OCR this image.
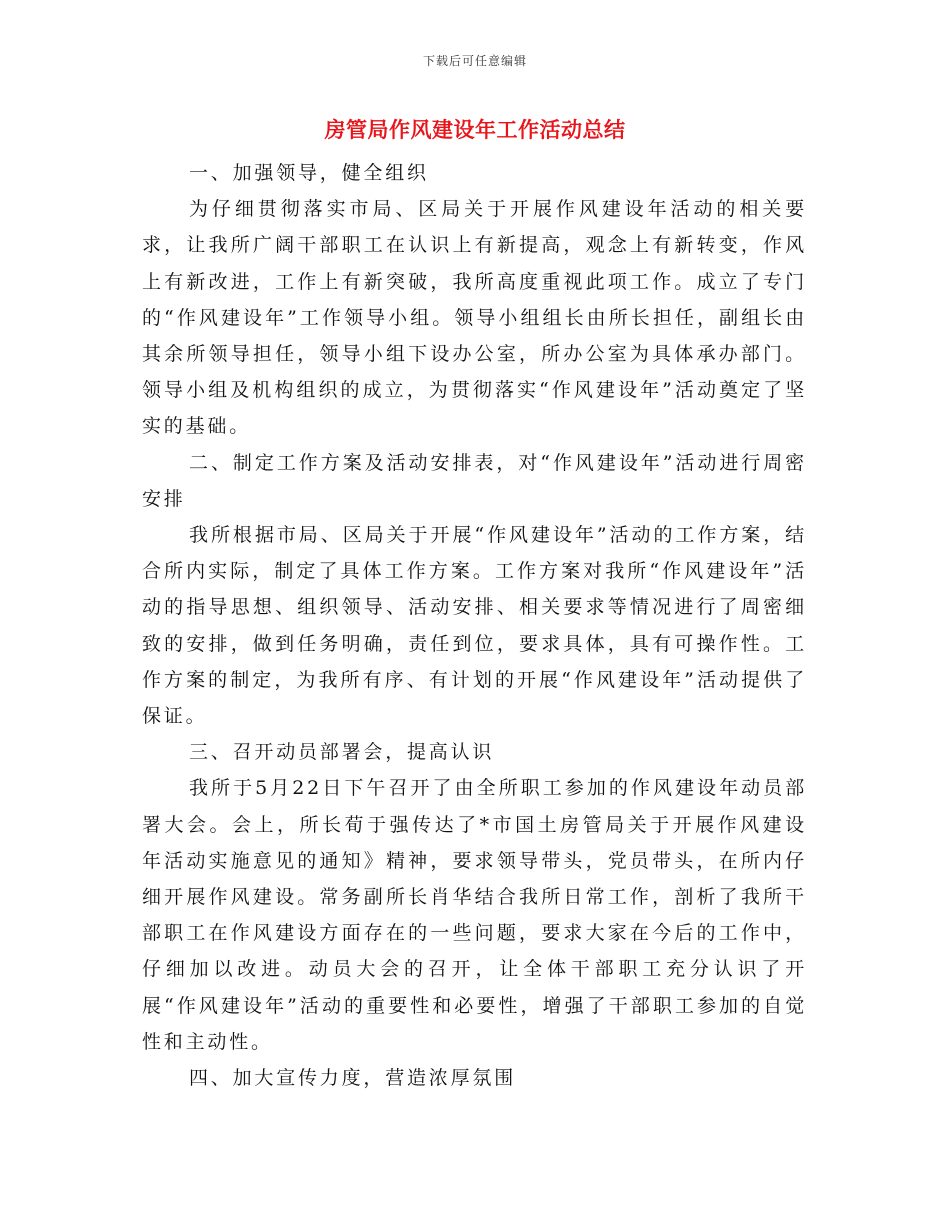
下载后可任意编辑
房管局作风建设年工作活动总结

一、加强领导，健全组织

为仔细贯彻落实市局、区局关于开展作风建设年活动的相关要求，让我所广阔干部职工在认识上有新提高，观念上有新转变，作风上有新改进，工作上有新突破，我所高度重视此项工作。成立了专门的“作风建设年”工作领导小组。领导小组组长由所长担任，副组长由其余所领导担任，领导小组下设办公室，所办公室为具体承办部门。领导小组及机构组织的成立，为贯彻落实“作风建设年”活动奠定了坚实的基础。

二、制定工作方案及活动安排表，对“作风建设年”活动进行周密安排

我所根据市局、区局关于开展“作风建设年”活动的工作方案，结合所内实际，制定了具体工作方案。工作方案对我所“作风建设年”活动的指导思想、组织领导、活动安排、相关要求等情况进行了周密细致的安排，做到任务明确，责任到位，要求具体，具有可操作性。工作方案的制定，为我所有序、有计划的开展“作风建设年”活动提供了保证。

三、召开动员部署会，提高认识

我所于5月22日下午召开了由全所职工参加的作风建设年动员部署大会。会上，所长荀于强传达了*市国土房管局关于开展作风建设年活动实施意见的通知》精神，要求领导带头，党员带头，在所内仔细开展作风建设。常务副所长肖华结合我所日常工作，剖析了我所干部职工在作风建设方面存在的一些问题，要求大家在今后的工作中，仔细加以改进。动员大会的召开，让全体干部职工充分认识了开展“作风建设年”活动的重要性和必要性，增强了干部职工参加的自觉性和主动性。

四、加大宣传力度，营造浓厚氛围
